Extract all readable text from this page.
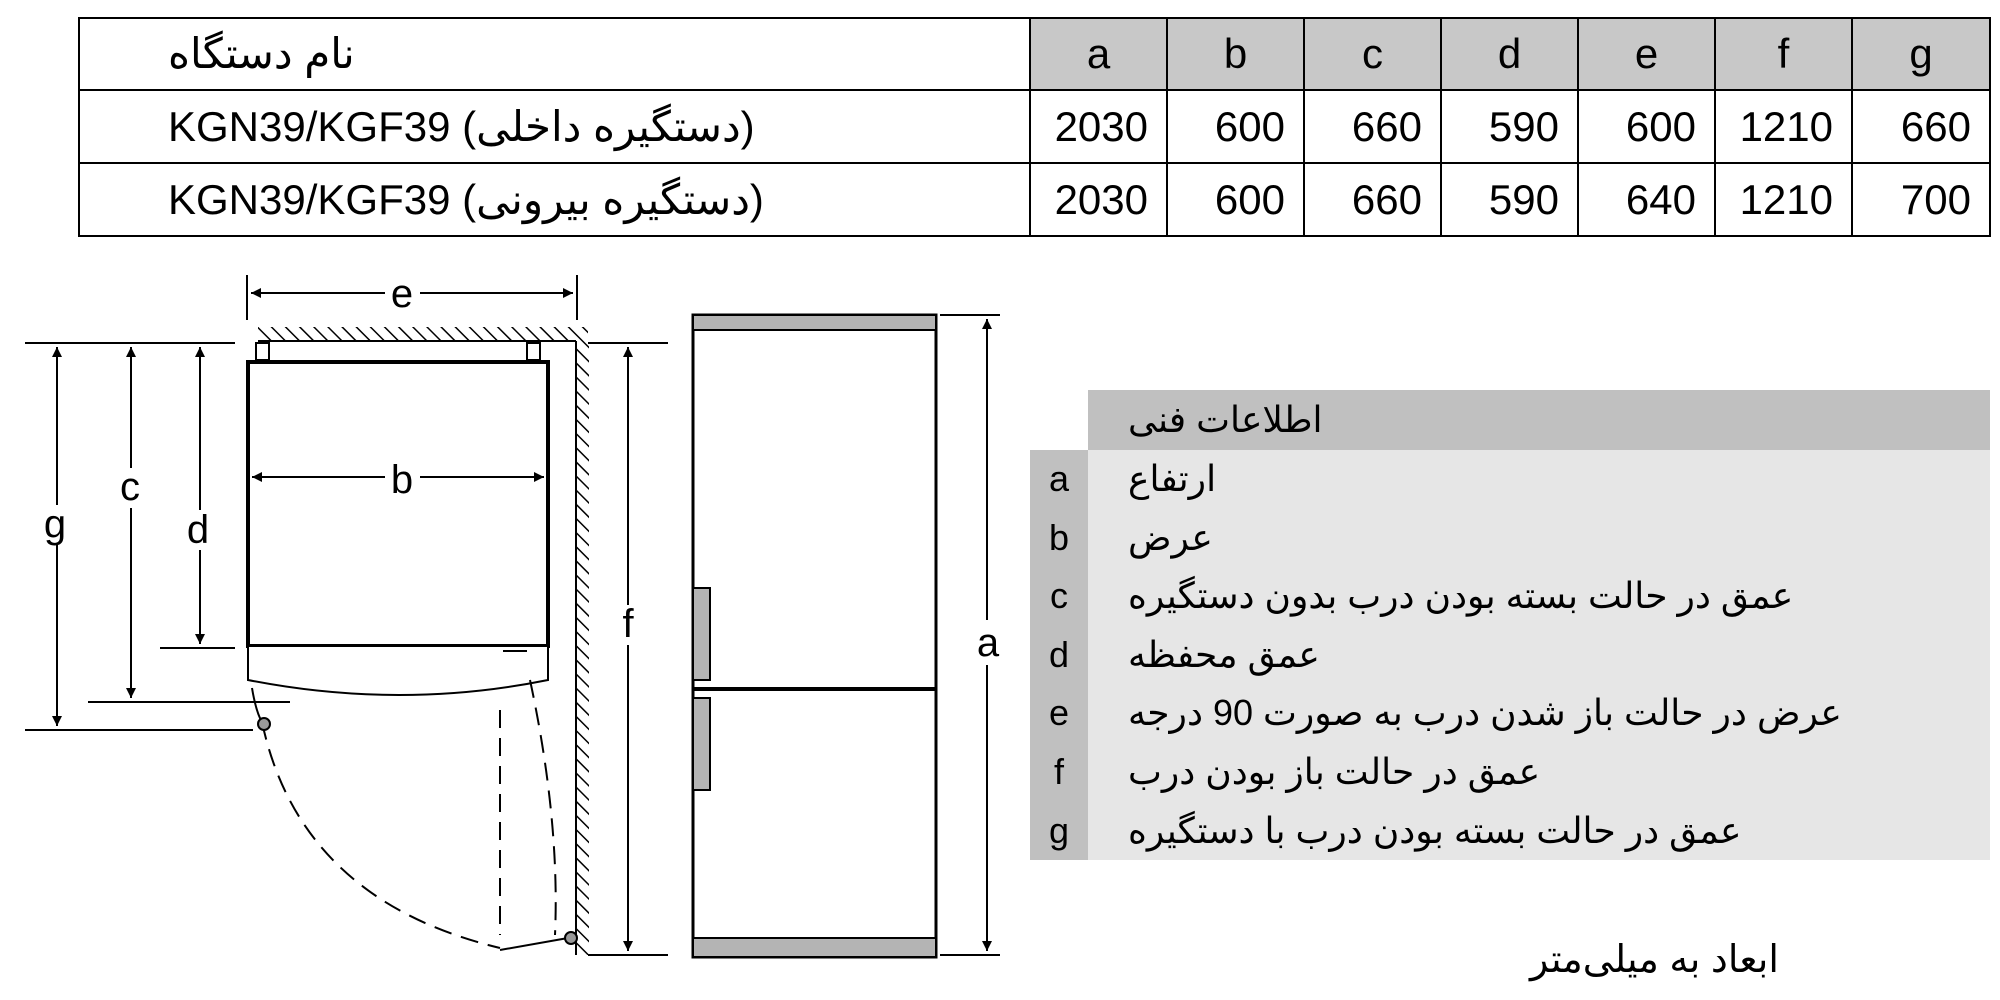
نام دستگاه	a	b	c	d	e	f	g
KGN39/KGF39 (دستگیره داخلی)	2030	600	660	590	600	1210	660
KGN39/KGF39 (دستگیره بیرونی)	2030	600	660	590	640	1210	700
e
b
g
c
d
f	a
اطلاعات فنی
a	ارتفاع
b	عرض
c	عمق در حالت بسته بودن درب بدون دستگیره
d	عمق محفظه
e	عرض در حالت باز شدن درب به صورت 90 درجه
f	عمق در حالت باز بودن درب
g	عمق در حالت بسته بودن درب با دستگیره
ابعاد به میلی‌متر
